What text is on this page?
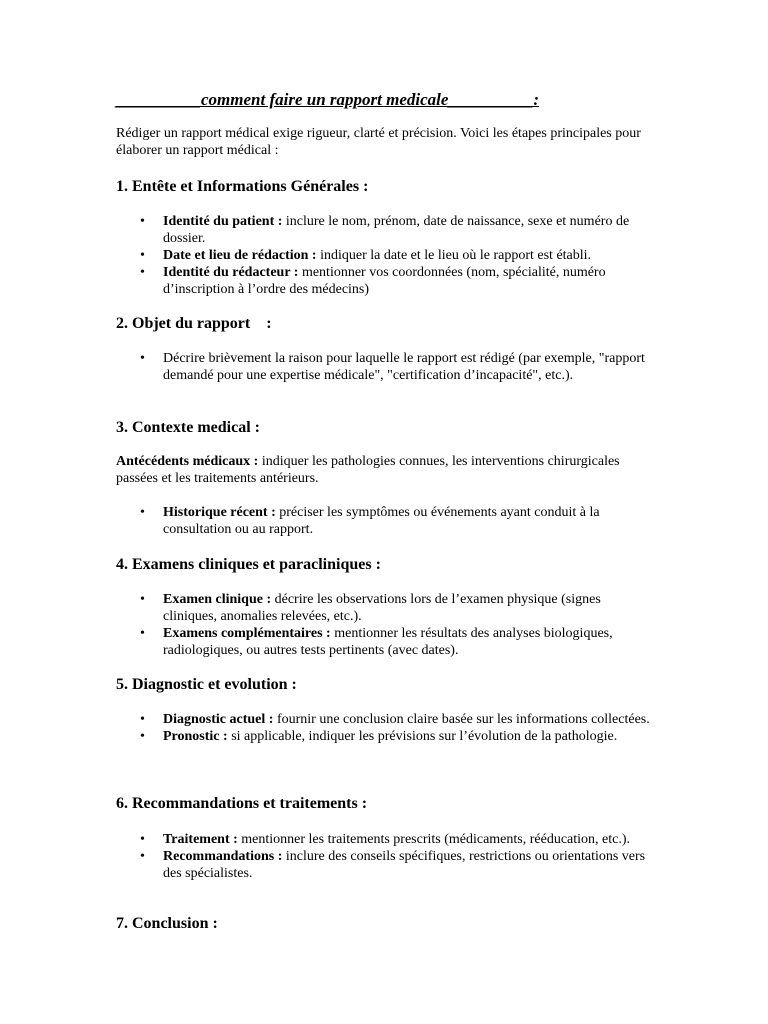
__________comment faire un rapport medicale__________:
Rédiger un rapport médical exige rigueur, clarté et précision. Voici les étapes principales pour élaborer un rapport médical :
1. Entête et Informations Générales :
• Identité du patient : inclure le nom, prénom, date de naissance, sexe et numéro de dossier.
• Date et lieu de rédaction : indiquer la date et le lieu où le rapport est établi.
• Identité du rédacteur : mentionner vos coordonnées (nom, spécialité, numéro d’inscription à l’ordre des médecins)
2. Objet du rapport    :
• Décrire brièvement la raison pour laquelle le rapport est rédigé (par exemple, "rapport demandé pour une expertise médicale", "certification d’incapacité", etc.).
3. Contexte medical :
Antécédents médicaux : indiquer les pathologies connues, les interventions chirurgicales passées et les traitements antérieurs.
• Historique récent : préciser les symptômes ou événements ayant conduit à la consultation ou au rapport.
4. Examens cliniques et paracliniques :
• Examen clinique : décrire les observations lors de l’examen physique (signes cliniques, anomalies relevées, etc.).
• Examens complémentaires : mentionner les résultats des analyses biologiques, radiologiques, ou autres tests pertinents (avec dates).
5. Diagnostic et evolution :
• Diagnostic actuel : fournir une conclusion claire basée sur les informations collectées.
• Pronostic : si applicable, indiquer les prévisions sur l’évolution de la pathologie.
6. Recommandations et traitements :
• Traitement : mentionner les traitements prescrits (médicaments, rééducation, etc.).
• Recommandations : inclure des conseils spécifiques, restrictions ou orientations vers des spécialistes.
7. Conclusion :
